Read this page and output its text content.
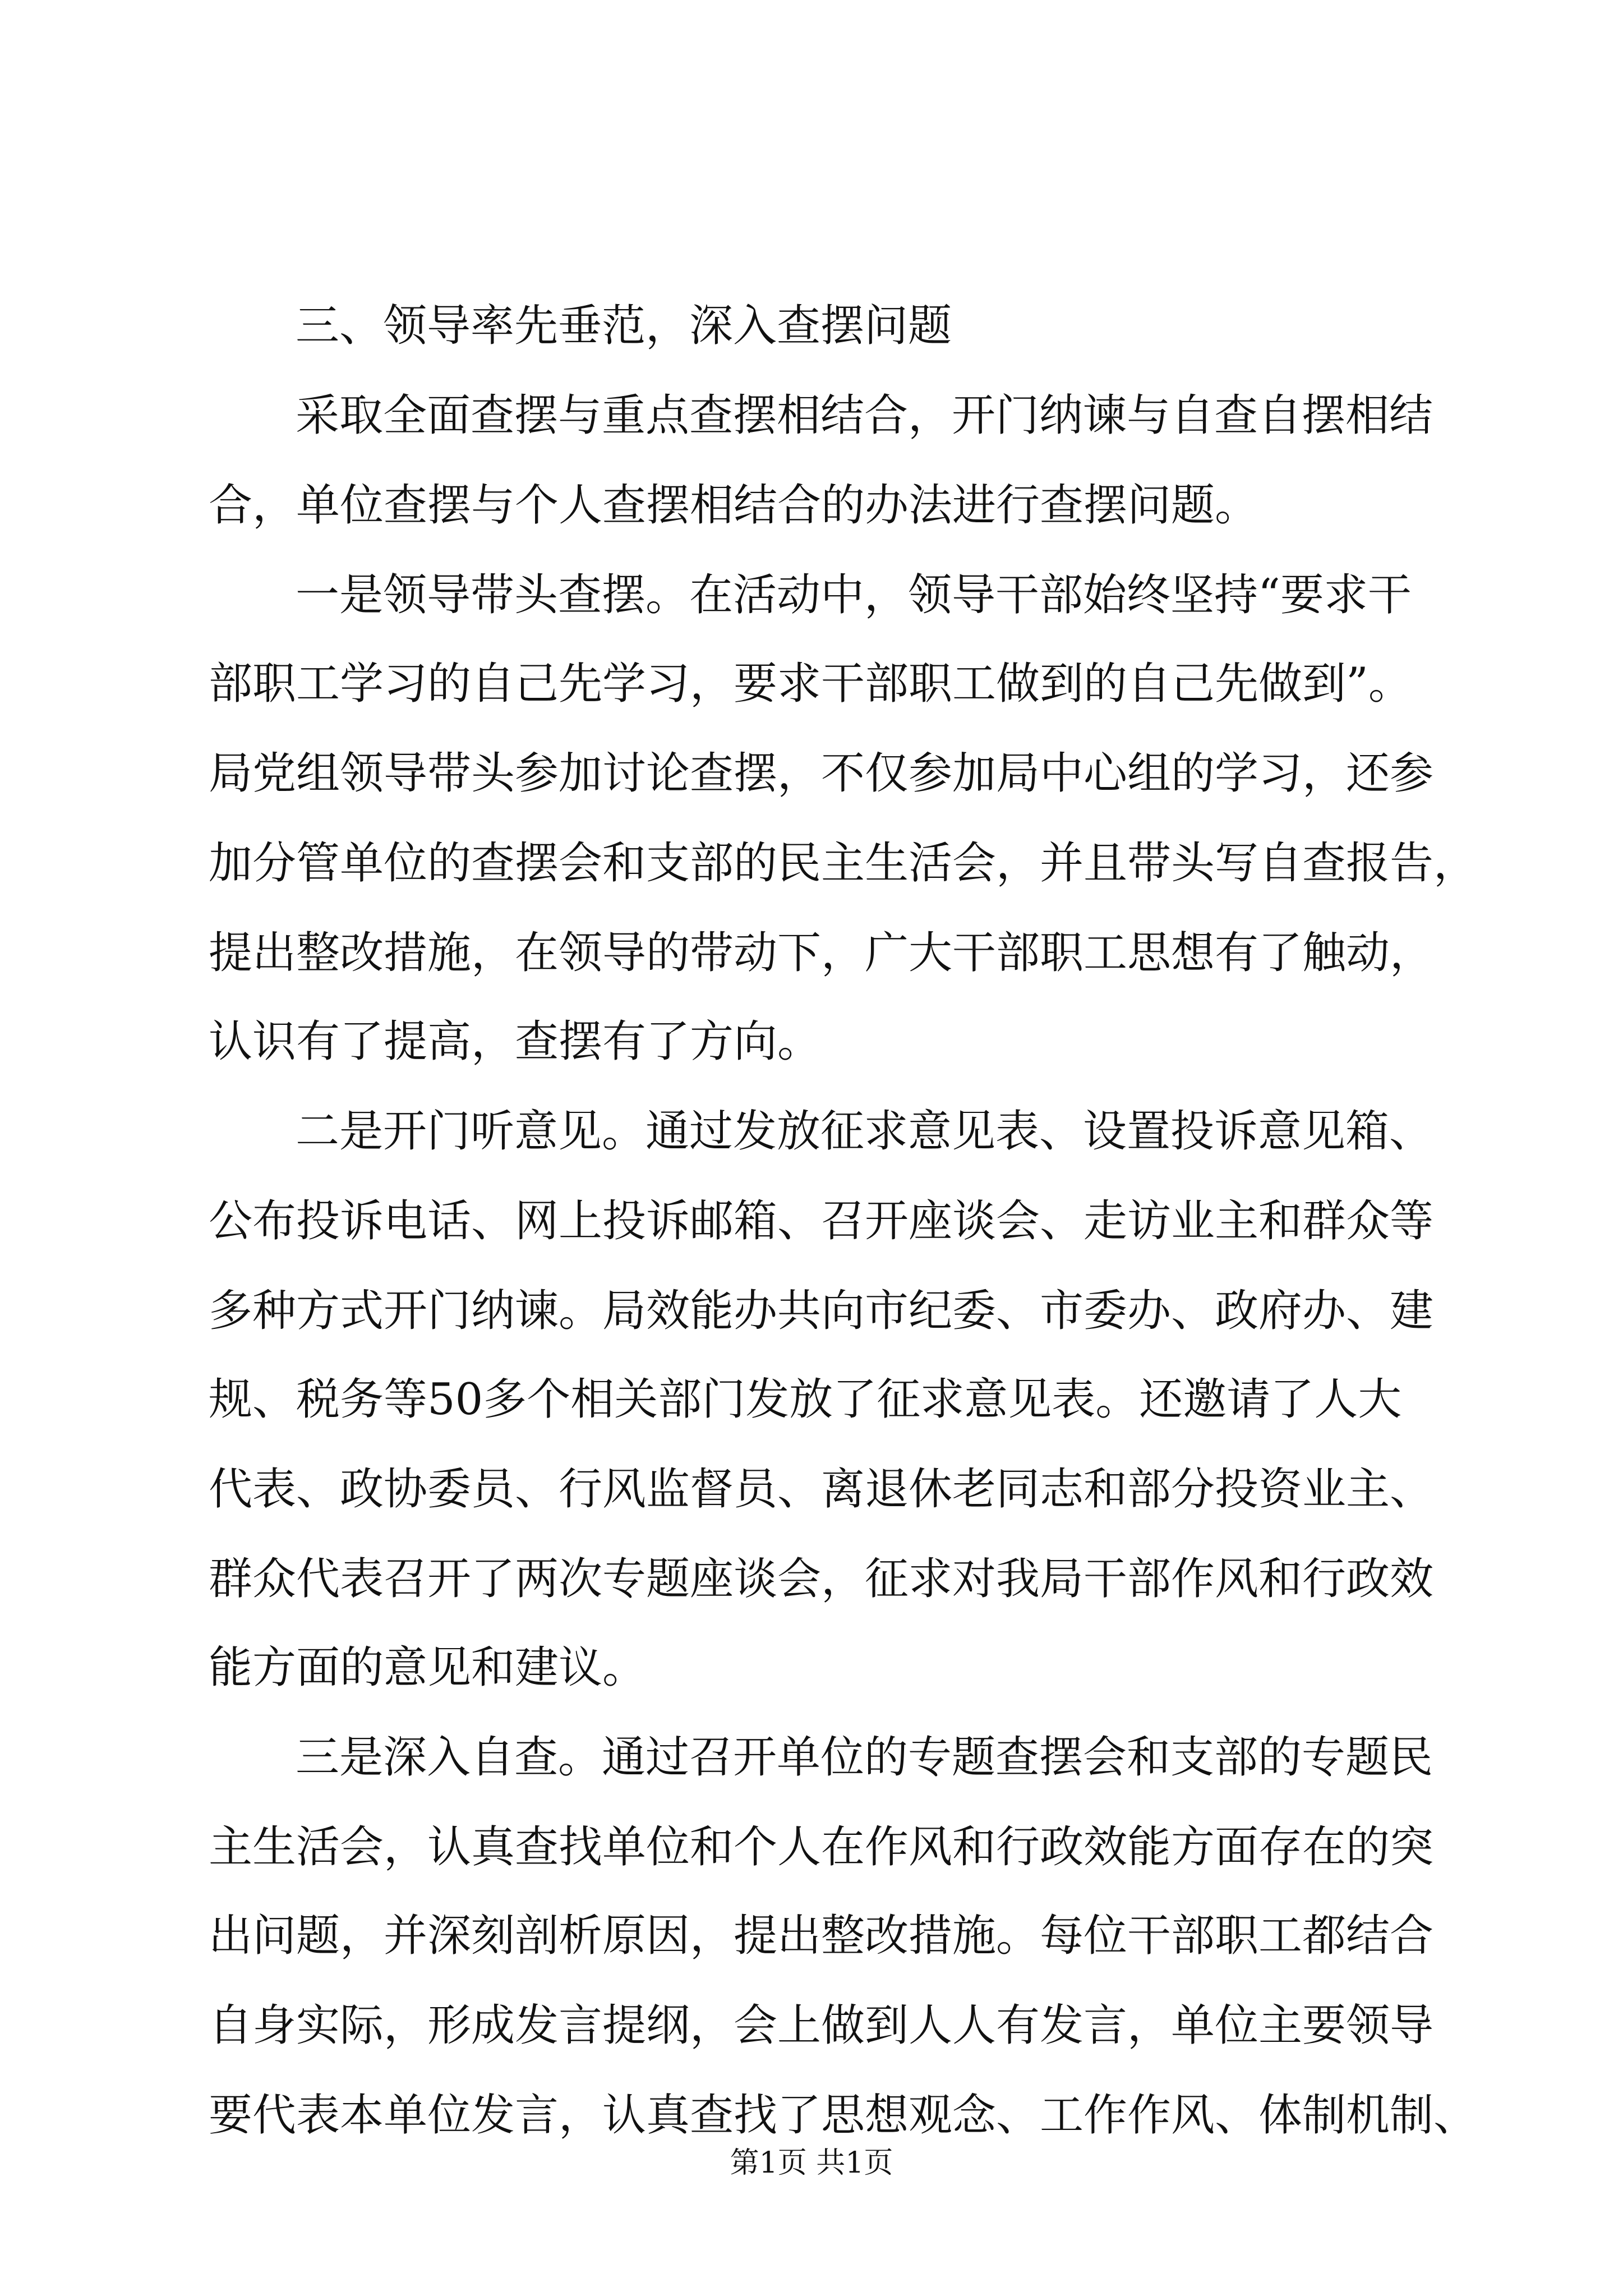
三、领导率先垂范，深入查摆问题
采取全面查摆与重点查摆相结合，开门纳谏与自查自摆相结
合，单位查摆与个人查摆相结合的办法进行查摆问题。
一是领导带头查摆。在活动中，领导干部始终坚持“要求干
部职工学习的自己先学习，要求干部职工做到的自己先做到”。
局党组领导带头参加讨论查摆，不仅参加局中心组的学习，还参
加分管单位的查摆会和支部的民主生活会，并且带头写自查报告，
提出整改措施，在领导的带动下，广大干部职工思想有了触动，
认识有了提高，查摆有了方向。
二是开门听意见。通过发放征求意见表、设置投诉意见箱、
公布投诉电话、网上投诉邮箱、召开座谈会、走访业主和群众等
多种方式开门纳谏。局效能办共向市纪委、市委办、政府办、建
规、税务等50多个相关部门发放了征求意见表。还邀请了人大
代表、政协委员、行风监督员、离退休老同志和部分投资业主、
群众代表召开了两次专题座谈会，征求对我局干部作风和行政效
能方面的意见和建议。
三是深入自查。通过召开单位的专题查摆会和支部的专题民
主生活会，认真查找单位和个人在作风和行政效能方面存在的突
出问题，并深刻剖析原因，提出整改措施。每位干部职工都结合
自身实际，形成发言提纲，会上做到人人有发言，单位主要领导
要代表本单位发言，认真查找了思想观念、工作作风、体制机制、
第1页 共1页
